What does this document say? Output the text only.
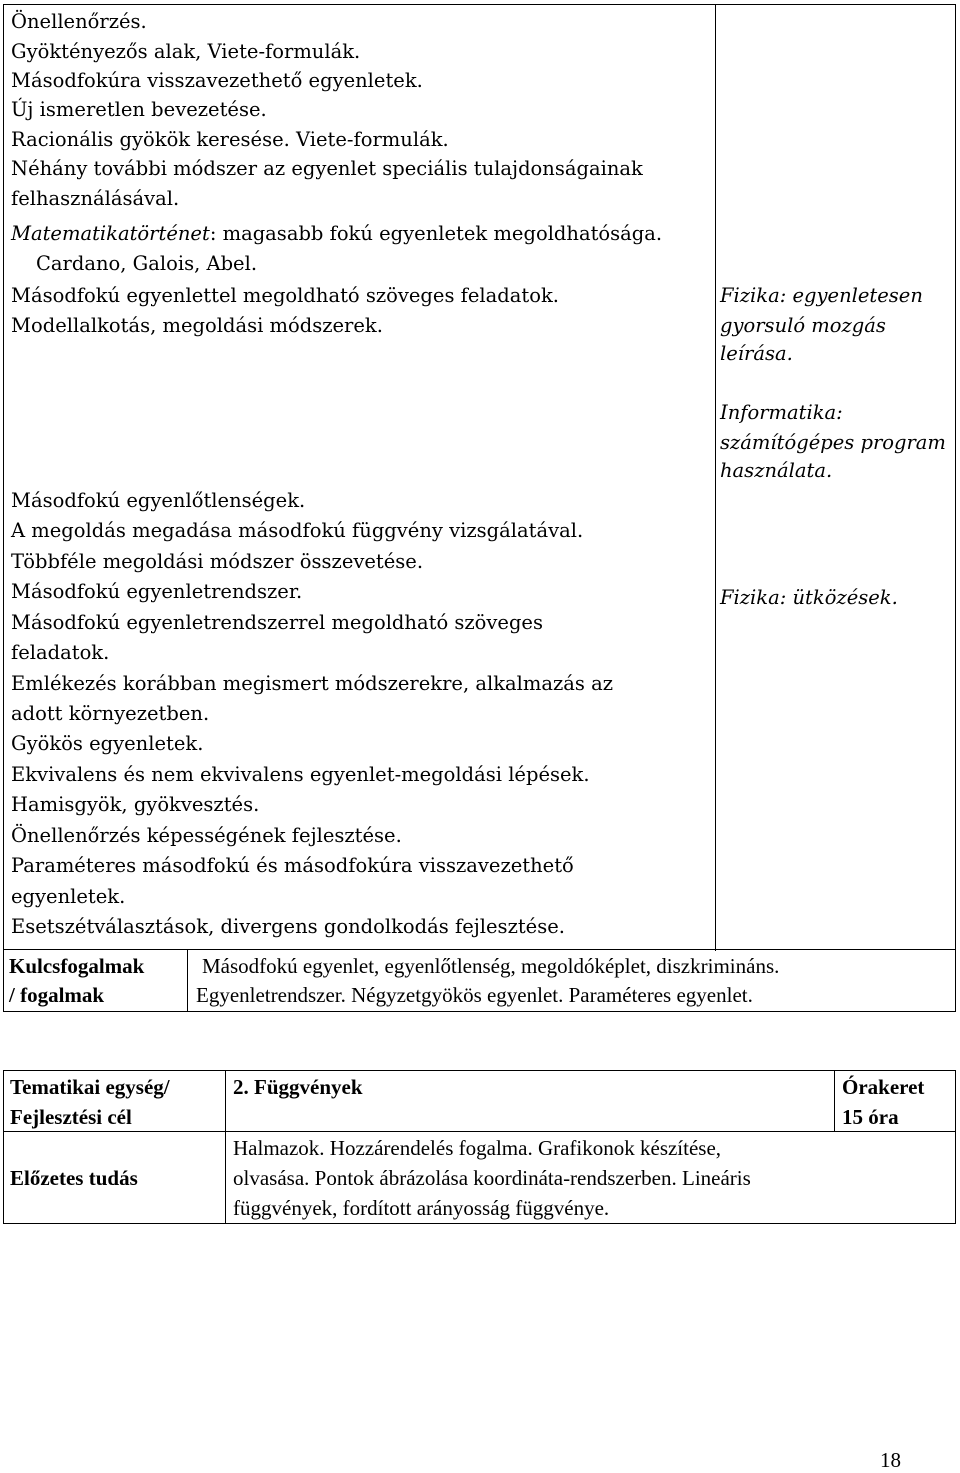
Önellenőrzés.
Gyöktényezős alak, Viete-formulák.
Másodfokúra visszavezethető egyenletek.
Új ismeretlen bevezetése.
Racionális gyökök keresése. Viete-formulák.
Néhány további módszer az egyenlet speciális tulajdonságainak
felhasználásával.
Matematikatörténet: magasabb fokú egyenletek megoldhatósága.
Cardano, Galois, Abel.
Másodfokú egyenlettel megoldható szöveges feladatok.
Modellalkotás, megoldási módszerek.
Másodfokú egyenlőtlenségek.
A megoldás megadása másodfokú függvény vizsgálatával.
Többféle megoldási módszer összevetése.
Másodfokú egyenletrendszer.
Másodfokú egyenletrendszerrel megoldható szöveges
feladatok.
Emlékezés korábban megismert módszerekre, alkalmazás az
adott környezetben.
Gyökös egyenletek.
Ekvivalens és nem ekvivalens egyenlet-megoldási lépések.
Hamisgyök, gyökvesztés.
Önellenőrzés képességének fejlesztése.
Paraméteres másodfokú és másodfokúra visszavezethető
egyenletek.
Esetszétválasztások, divergens gondolkodás fejlesztése.
Fizika: egyenletesen
gyorsuló mozgás
leírása.
Informatika:
számítógépes program
használata.
Fizika: ütközések.
Kulcsfogalmak
/ fogalmak
Másodfokú egyenlet, egyenlőtlenség, megoldóképlet, diszkrimináns.
Egyenletrendszer. Négyzetgyökös egyenlet. Paraméteres egyenlet.
Tematikai egység/
Fejlesztési cél
2. Függvények	Órakeret
15 óra
Előzetes tudás
Halmazok. Hozzárendelés fogalma. Grafikonok készítése,
olvasása. Pontok ábrázolása koordináta-rendszerben. Lineáris
függvények, fordított arányosság függvénye.
18
